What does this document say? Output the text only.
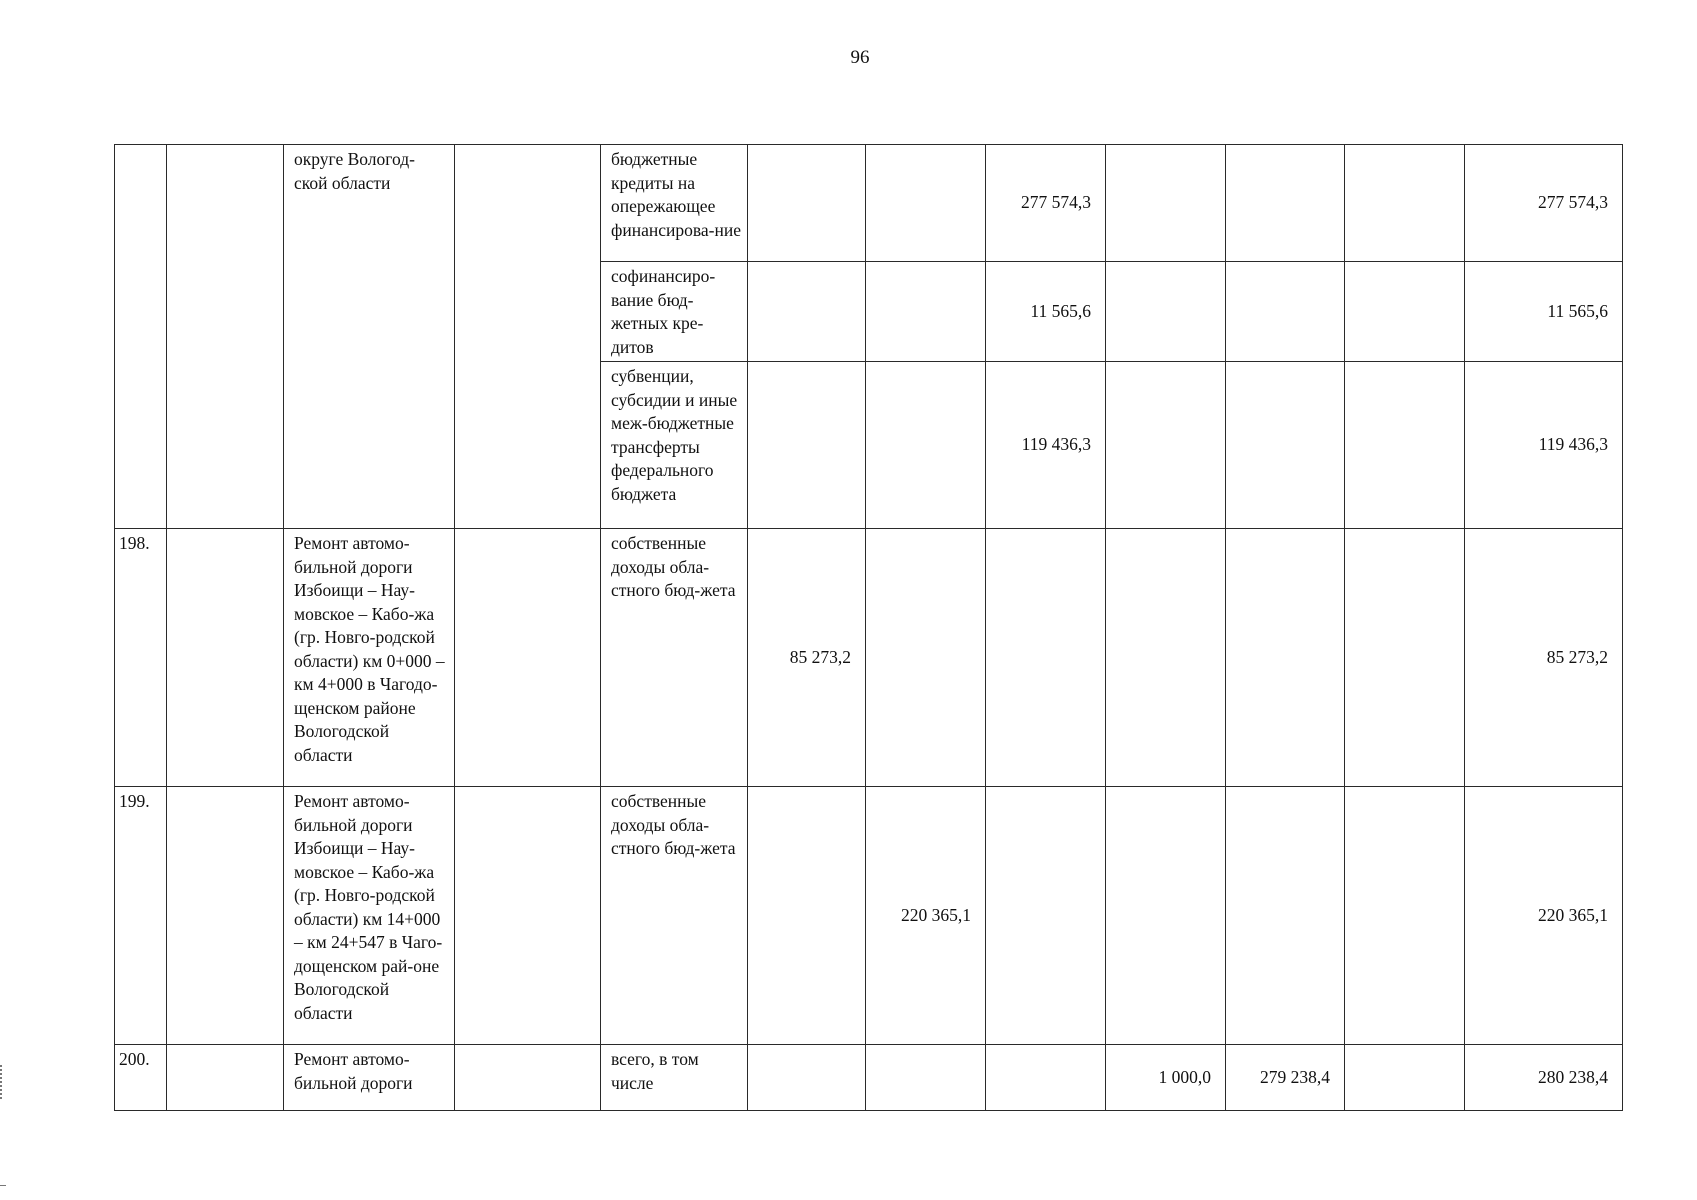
96
		округе Вологод-ской области		бюджетные кредиты на опережающее финансирова-ние			277 574,3				277 574,3
				софинансиро-вание бюд-жетных кре-дитов			11 565,6				11 565,6
				субвенции, субсидии и иные меж-бюджетные трансферты федерального бюджета			119 436,3				119 436,3
198.		Ремонт автомо-бильной дороги Избоищи – Нау-мовское – Кабо-жа (гр. Новго-родской области) км 0+000 – км 4+000 в Чагодо-щенском районе Вологодской области		собственные доходы обла-стного бюд-жета	85 273,2						85 273,2
199.		Ремонт автомо-бильной дороги Избоищи – Нау-мовское – Кабо-жа (гр. Новго-родской области) км 14+000 – км 24+547 в Чаго-дощенском рай-оне Вологодской области		собственные доходы обла-стного бюд-жета		220 365,1					220 365,1
200.		Ремонт автомо-бильной дороги		всего, в том числе				1 000,0	279 238,4		280 238,4
